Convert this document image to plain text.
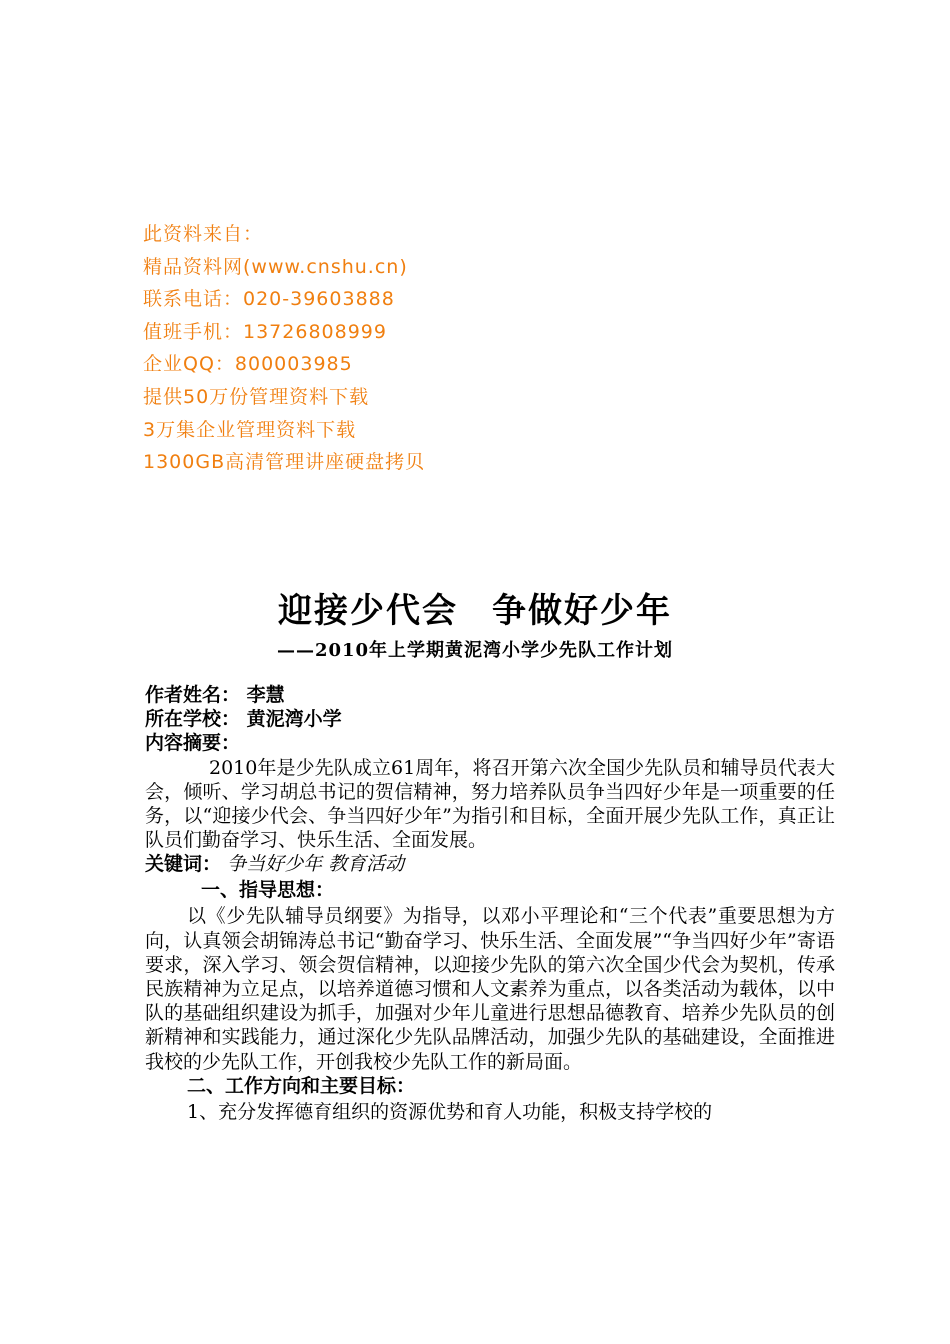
此资料来自：
精品资料网(www.cnshu.cn)
联系电话：020-39603888
值班手机：13726808999
企业QQ：800003985
提供50万份管理资料下载
3万集企业管理资料下载
1300GB高清管理讲座硬盘拷贝
迎接少代会 争做好少年
——2010年上学期黄泥湾小学少先队工作计划
作者姓名： 李慧
所在学校： 黄泥湾小学
内容摘要：

2010年是少先队成立61周年，将召开第六次全国少先队员和辅导员代表大会，倾听、学习胡总书记的贺信精神，努力培养队员争当四好少年是一项重要的任务，以“迎接少代会、争当四好少年”为指引和目标，全面开展少先队工作，真正让队员们勤奋学习、快乐生活、全面发展。

关键词： 争当好少年 教育活动
一、指导思想：

以《少先队辅导员纲要》为指导，以邓小平理论和“三个代表”重要思想为方向，认真领会胡锦涛总书记“勤奋学习、快乐生活、全面发展”“争当四好少年”寄语要求，深入学习、领会贺信精神，以迎接少先队的第六次全国少代会为契机，传承民族精神为立足点，以培养道德习惯和人文素养为重点，以各类活动为载体，以中队的基础组织建设为抓手，加强对少年儿童进行思想品德教育、培养少先队员的创新精神和实践能力，通过深化少先队品牌活动，加强少先队的基础建设，全面推进我校的少先队工作，开创我校少先队工作的新局面。

二、工作方向和主要目标：

1、充分发挥德育组织的资源优势和育人功能，积极支持学校的
